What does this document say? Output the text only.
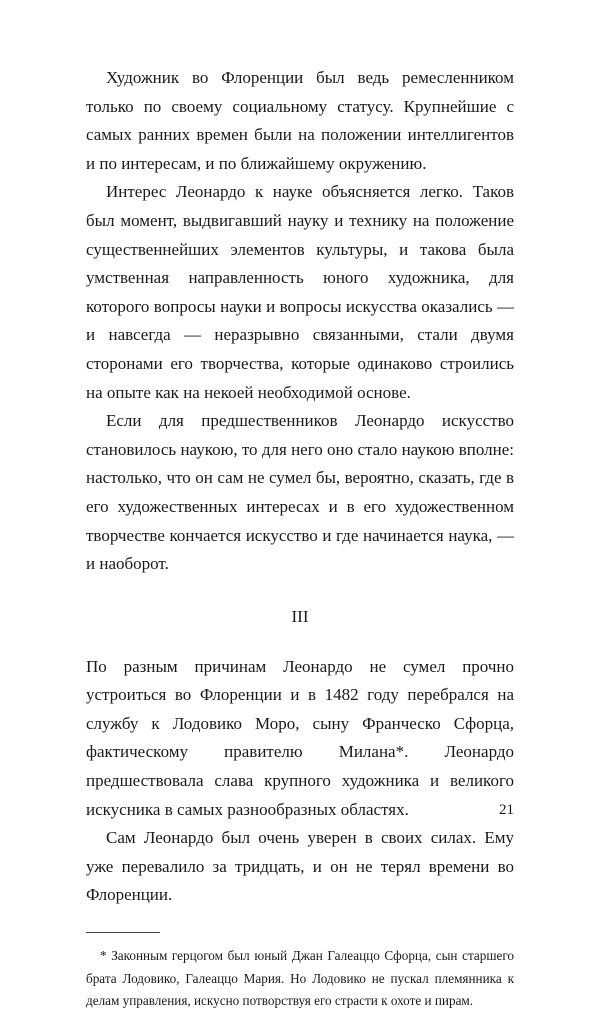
Художник во Флоренции был ведь ремесленником только по своему социальному статусу. Крупнейшие с самых ранних времен были на положении интеллигентов и по интересам, и по ближайшему окружению.

Интерес Леонардо к науке объясняется легко. Таков был момент, выдвигавший науку и технику на положение существеннейших элементов культуры, и такова была умственная направленность юного художника, для которого вопросы науки и вопросы искусства оказались — и навсегда — неразрывно связанными, стали двумя сторонами его творчества, которые одинаково строились на опыте как на некоей необходимой основе.

Если для предшественников Леонардо искусство становилось наукою, то для него оно стало наукою вполне: настолько, что он сам не сумел бы, вероятно, сказать, где в его художественных интересах и в его художественном творчестве кончается искусство и где начинается наука, — и наоборот.

III

По разным причинам Леонардо не сумел прочно устроиться во Флоренции и в 1482 году перебрался на службу к Лодовико Моро, сыну Франческо Сфорца, фактическому правителю Милана*. Леонардо предшествовала слава крупного художника и великого искусника в самых разнообразных областях.

Сам Леонардо был очень уверен в своих силах. Ему уже перевалило за тридцать, и он не терял времени во Флоренции.

* Законным герцогом был юный Джан Галеаццо Сфорца, сын старшего брата Лодовико, Галеаццо Мария. Но Лодовико не пускал племянника к делам управления, искусно потворствуя его страсти к охоте и пирам.

21
